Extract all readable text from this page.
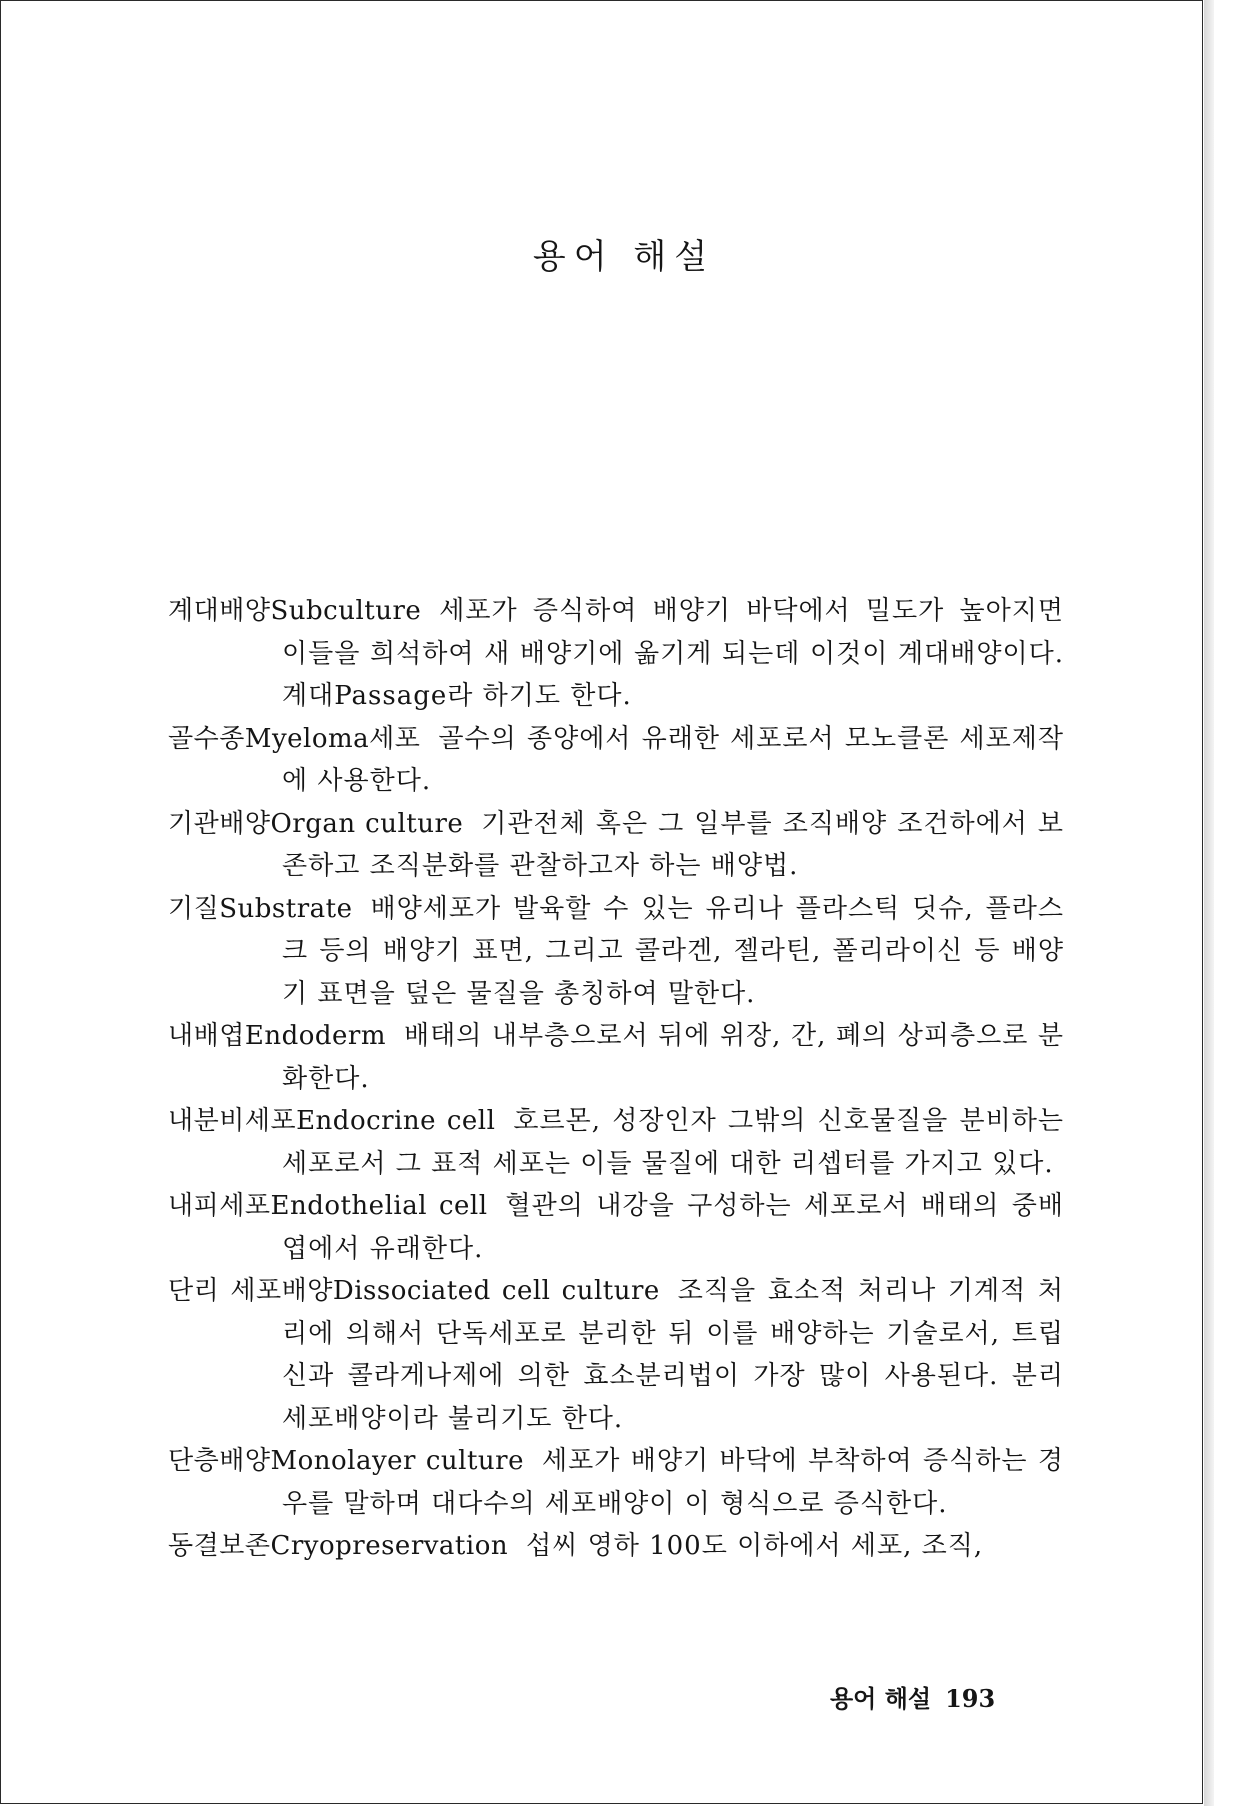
용어 해설

계대배양Subculture 세포가 증식하여 배양기 바닥에서 밀도가 높아지면 이들을 희석하여 새 배양기에 옮기게 되는데 이것이 계대배양이다. 계대Passage라 하기도 한다.

골수종Myeloma세포 골수의 종양에서 유래한 세포로서 모노클론 세포제작에 사용한다.

기관배양Organ culture 기관전체 혹은 그 일부를 조직배양 조건하에서 보존하고 조직분화를 관찰하고자 하는 배양법.

기질Substrate 배양세포가 발육할 수 있는 유리나 플라스틱 딧슈, 플라스크 등의 배양기 표면, 그리고 콜라겐, 젤라틴, 폴리라이신 등 배양기 표면을 덮은 물질을 총칭하여 말한다.

내배엽Endoderm 배태의 내부층으로서 뒤에 위장, 간, 폐의 상피층으로 분화한다.

내분비세포Endocrine cell 호르몬, 성장인자 그밖의 신호물질을 분비하는 세포로서 그 표적 세포는 이들 물질에 대한 리셉터를 가지고 있다.

내피세포Endothelial cell 혈관의 내강을 구성하는 세포로서 배태의 중배엽에서 유래한다.

단리 세포배양Dissociated cell culture 조직을 효소적 처리나 기계적 처리에 의해서 단독세포로 분리한 뒤 이를 배양하는 기술로서, 트립신과 콜라게나제에 의한 효소분리법이 가장 많이 사용된다. 분리 세포배양이라 불리기도 한다.

단층배양Monolayer culture 세포가 배양기 바닥에 부착하여 증식하는 경우를 말하며 대다수의 세포배양이 이 형식으로 증식한다.

동결보존Cryopreservation 섭씨 영하 100도 이하에서 세포, 조직,

용어 해설 193
